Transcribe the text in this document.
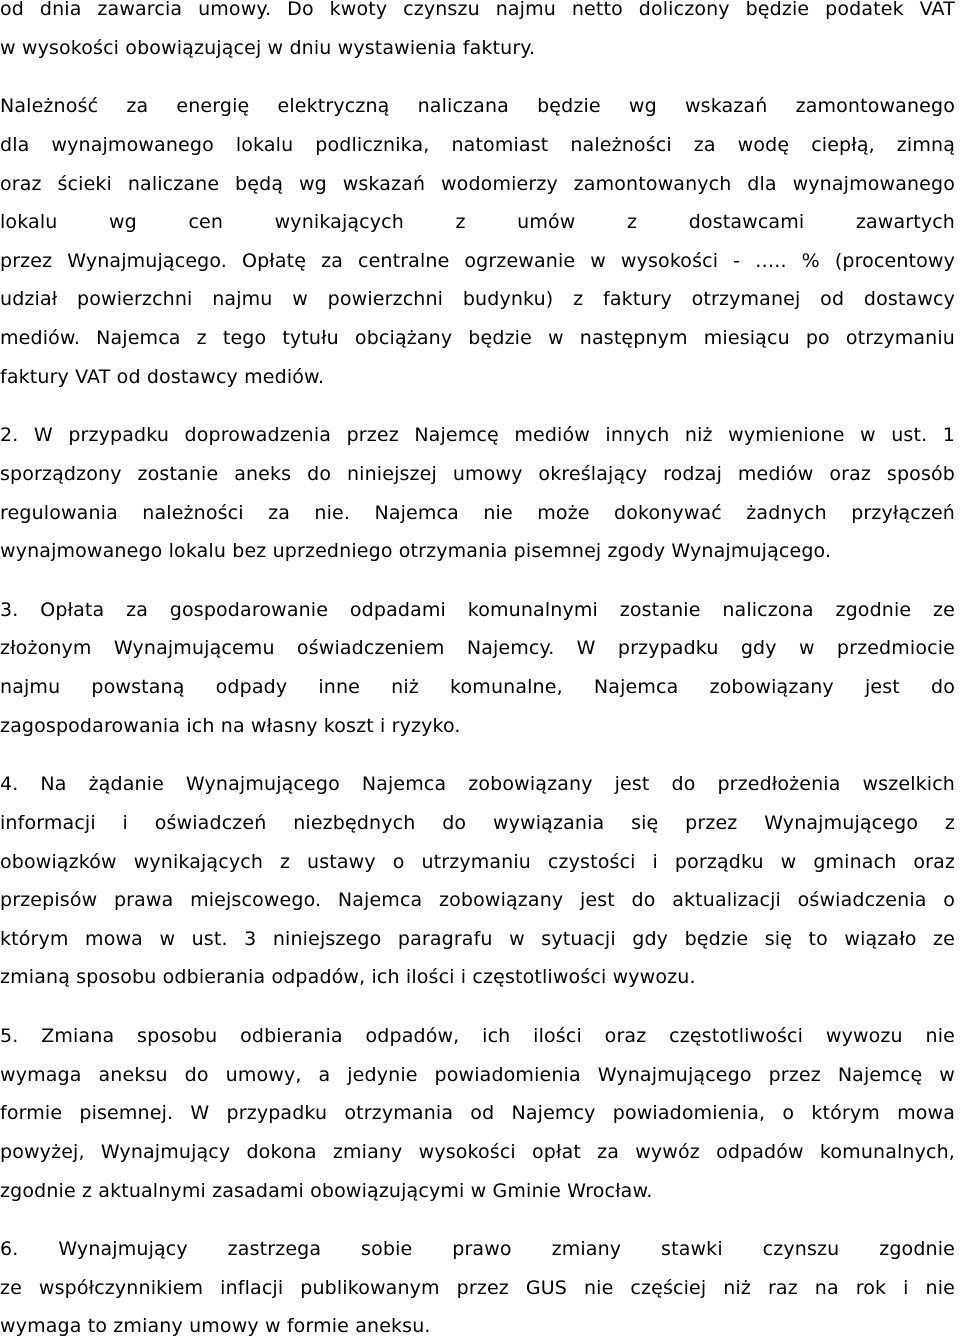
od dnia zawarcia umowy. Do kwoty czynszu najmu netto doliczony będzie podatek VAT
w wysokości obowiązującej w dniu wystawienia faktury.
Należność za energię elektryczną naliczana będzie wg wskazań zamontowanego
dla wynajmowanego lokalu podlicznika, natomiast należności za wodę ciepłą, zimną
oraz ścieki naliczane będą wg wskazań wodomierzy zamontowanych dla wynajmowanego
lokalu wg cen wynikających z umów z dostawcami zawartych
przez Wynajmującego. Opłatę za centralne ogrzewanie w wysokości - ….. % (procentowy
udział powierzchni najmu w powierzchni budynku) z faktury otrzymanej od dostawcy
mediów. Najemca z tego tytułu obciążany będzie w następnym miesiącu po otrzymaniu
faktury VAT od dostawcy mediów.
2. W przypadku doprowadzenia przez Najemcę mediów innych niż wymienione w ust. 1
sporządzony zostanie aneks do niniejszej umowy określający rodzaj mediów oraz sposób
regulowania należności za nie. Najemca nie może dokonywać żadnych przyłączeń
wynajmowanego lokalu bez uprzedniego otrzymania pisemnej zgody Wynajmującego.
3. Opłata za gospodarowanie odpadami komunalnymi zostanie naliczona zgodnie ze
złożonym Wynajmującemu oświadczeniem Najemcy. W przypadku gdy w przedmiocie
najmu powstaną odpady inne niż komunalne, Najemca zobowiązany jest do
zagospodarowania ich na własny koszt i ryzyko.
4. Na żądanie Wynajmującego Najemca zobowiązany jest do przedłożenia wszelkich
informacji i oświadczeń niezbędnych do wywiązania się przez Wynajmującego z
obowiązków wynikających z ustawy o utrzymaniu czystości i porządku w gminach oraz
przepisów prawa miejscowego. Najemca zobowiązany jest do aktualizacji oświadczenia o
którym mowa w ust. 3 niniejszego paragrafu w sytuacji gdy będzie się to wiązało ze
zmianą sposobu odbierania odpadów, ich ilości i częstotliwości wywozu.
5. Zmiana sposobu odbierania odpadów, ich ilości oraz częstotliwości wywozu nie
wymaga aneksu do umowy, a jedynie powiadomienia Wynajmującego przez Najemcę w
formie pisemnej. W przypadku otrzymania od Najemcy powiadomienia, o którym mowa
powyżej, Wynajmujący dokona zmiany wysokości opłat za wywóz odpadów komunalnych,
zgodnie z aktualnymi zasadami obowiązującymi w Gminie Wrocław.
6. Wynajmujący zastrzega sobie prawo zmiany stawki czynszu zgodnie
ze współczynnikiem inflacji publikowanym przez GUS nie częściej niż raz na rok i nie
wymaga to zmiany umowy w formie aneksu.
